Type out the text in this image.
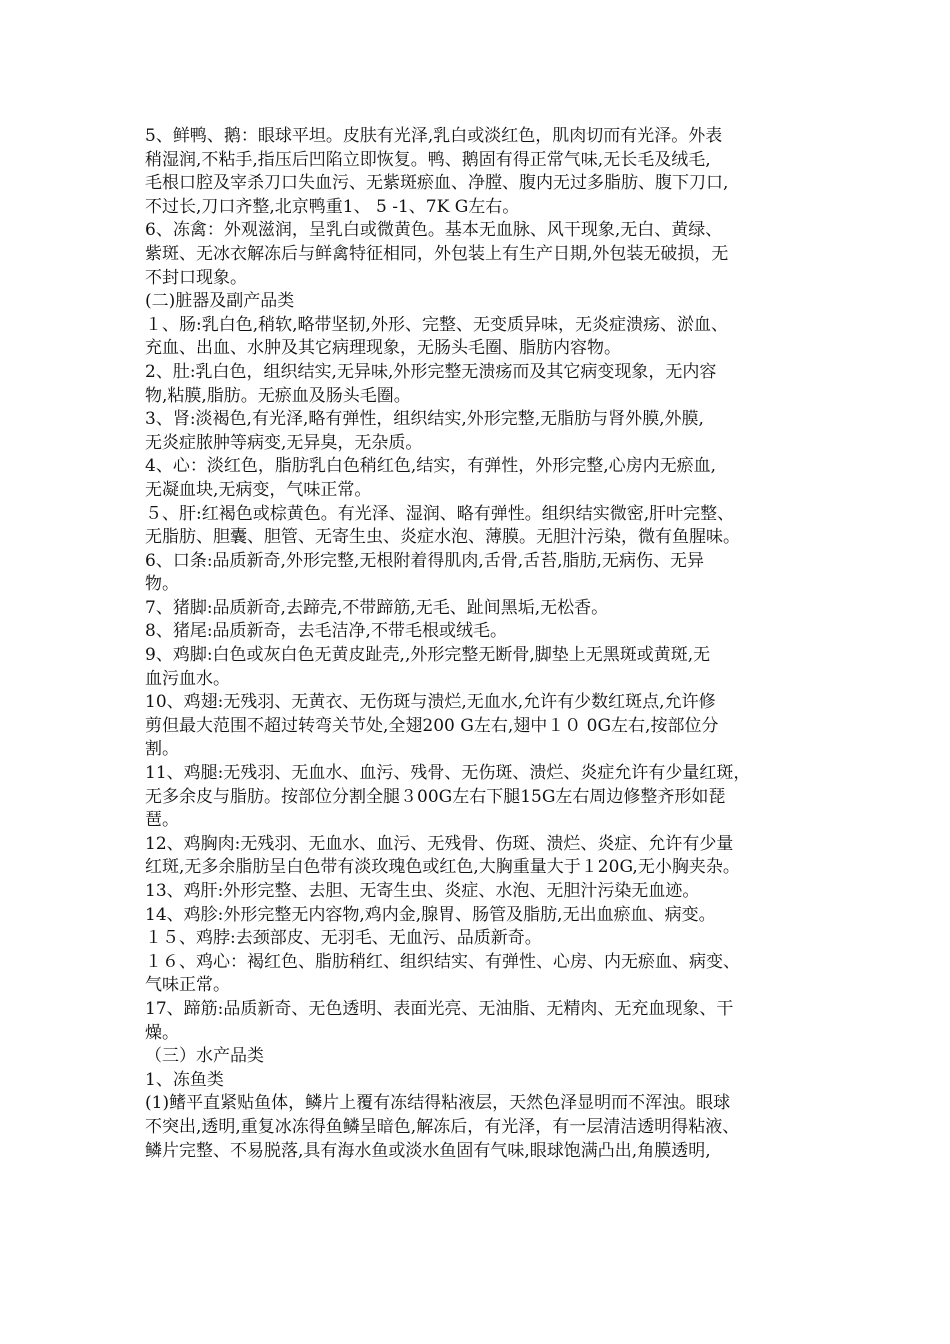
5、鲜鸭、鹅：眼球平坦。皮肤有光泽,乳白或淡红色，肌肉切而有光泽。外表
稍湿润,不粘手,指压后凹陷立即恢复。鸭、鹅固有得正常气味,无长毛及绒毛,
毛根口腔及宰杀刀口失血污、无紫斑瘀血、净膛、腹内无过多脂肪、腹下刀口,
不过长,刀口齐整,北京鸭重1、 5 -1、7K G左右。
6、冻禽：外观滋润，呈乳白或微黄色。基本无血脉、风干现象,无白、黄绿、
紫斑、无冰衣解冻后与鲜禽特征相同，外包装上有生产日期,外包装无破损，无
不封口现象。
(二)脏器及副产品类
１、肠:乳白色,稍软,略带坚韧,外形、完整、无变质异味，无炎症溃疡、淤血、
充血、出血、水肿及其它病理现象，无肠头毛圈、脂肪内容物。
2、肚:乳白色，组织结实,无异味,外形完整无溃疡而及其它病变现象，无内容
物,粘膜,脂肪。无瘀血及肠头毛圈。
3、肾:淡褐色,有光泽,略有弹性，组织结实,外形完整,无脂肪与肾外膜,外膜,
无炎症脓肿等病变,无异臭，无杂质。
4、心：淡红色，脂肪乳白色稍红色,结实，有弹性，外形完整,心房内无瘀血,
无凝血块,无病变，气味正常。
５、肝:红褐色或棕黄色。有光泽、湿润、略有弹性。组织结实微密,肝叶完整、
无脂肪、胆囊、胆管、无寄生虫、炎症水泡、薄膜。无胆汁污染，微有鱼腥味。
6、口条:品质新奇,外形完整,无根附着得肌肉,舌骨,舌苔,脂肪,无病伤、无异
物。
7、猪脚:品质新奇,去蹄壳,不带蹄筋,无毛、趾间黑垢,无松香。
8、猪尾:品质新奇，去毛洁净,不带毛根或绒毛。
9、鸡脚:白色或灰白色无黄皮趾壳,,外形完整无断骨,脚垫上无黑斑或黄斑,无
血污血水。
10、鸡翅:无残羽、无黄衣、无伤斑与溃烂,无血水,允许有少数红斑点,允许修
剪但最大范围不超过转弯关节处,全翅200 G左右,翅中１０ 0G左右,按部位分
割。
11、鸡腿:无残羽、无血水、血污、残骨、无伤斑、溃烂、炎症允许有少量红斑，
无多余皮与脂肪。按部位分割全腿３00G左右下腿15G左右周边修整齐形如琵
琶。
12、鸡胸肉:无残羽、无血水、血污、无残骨、伤斑、溃烂、炎症、允许有少量
红斑,无多余脂肪呈白色带有淡玫瑰色或红色,大胸重量大于１20G,无小胸夹杂。
13、鸡肝:外形完整、去胆、无寄生虫、炎症、水泡、无胆汁污染无血迹。
14、鸡胗:外形完整无内容物,鸡内金,腺胃、肠管及脂肪,无出血瘀血、病变。
１５、鸡脖:去颈部皮、无羽毛、无血污、品质新奇。
１６、鸡心：褐红色、脂肪稍红、组织结实、有弹性、心房、内无瘀血、病变、
气味正常。
17、蹄筋:品质新奇、无色透明、表面光亮、无油脂、无精肉、无充血现象、干
燥。
（三）水产品类
1、冻鱼类
(1)鳍平直紧贴鱼体，鳞片上覆有冻结得粘液层，天然色泽显明而不浑浊。眼球
不突出,透明,重复冰冻得鱼鳞呈暗色,解冻后，有光泽，有一层清洁透明得粘液、
鳞片完整、不易脱落,具有海水鱼或淡水鱼固有气味,眼球饱满凸出,角膜透明,
